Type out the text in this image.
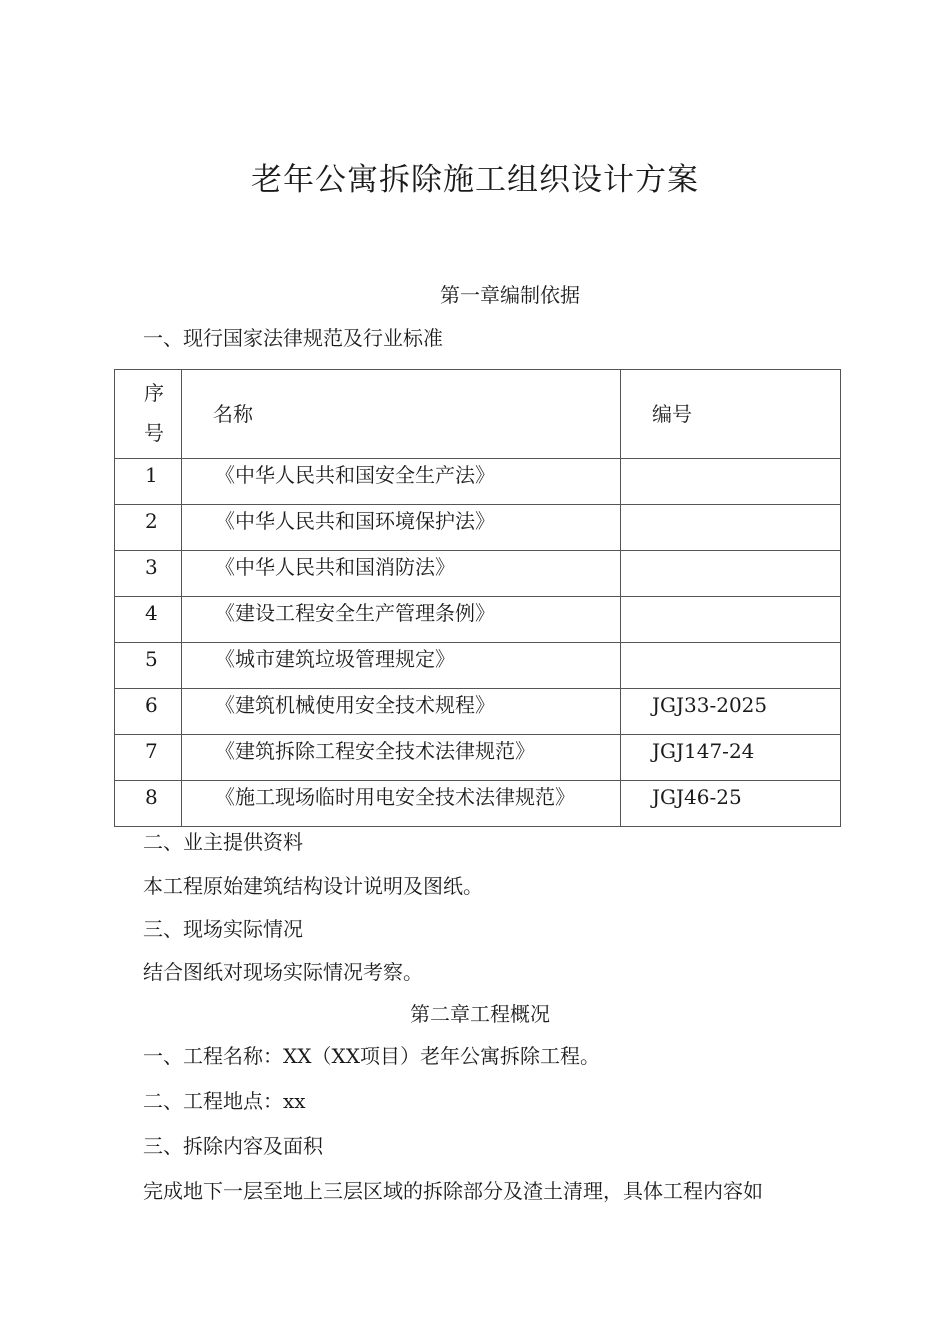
老年公寓拆除施工组织设计方案
第一章编制依据
一、现行国家法律规范及行业标准
序号	名称	编号

1	《中华人民共和国安全生产法》	

2	《中华人民共和国环境保护法》	

3	《中华人民共和国消防法》	

4	《建设工程安全生产管理条例》	

5	《城市建筑垃圾管理规定》	

6	《建筑机械使用安全技术规程》	JGJ33-2025

7	《建筑拆除工程安全技术法律规范》	JGJ147-24

8	《施工现场临时用电安全技术法律规范》	JGJ46-25
二、业主提供资料
本工程原始建筑结构设计说明及图纸。
三、现场实际情况
结合图纸对现场实际情况考察。
第二章工程概况
一、工程名称：XX（XX项目）老年公寓拆除工程。
二、工程地点：xx
三、拆除内容及面积
完成地下一层至地上三层区域的拆除部分及渣土清理，具体工程内容如
